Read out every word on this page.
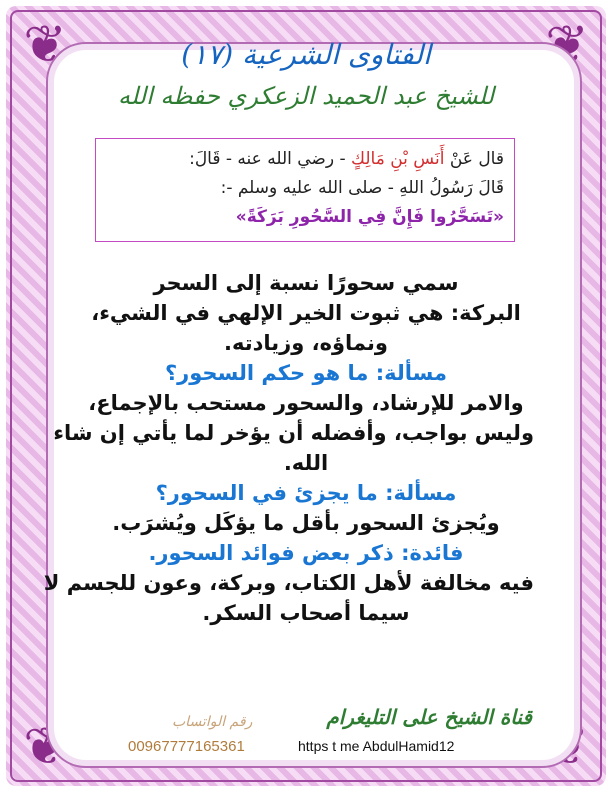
❦	❦
❦	❦
الفتاوى الشرعية (١٧)
للشيخ عبد الحميد الزعكري حفظه الله
قال عَنْ أَنَسِ بْنِ مَالِكٍ - رضي الله عنه - قَالَ:
قَالَ رَسُولُ اللهِ - صلى الله عليه وسلم -:
«تَسَحَّرُوا فَإِنَّ فِي السَّحُورِ بَرَكَةً»
سمي سحورًا نسبة إلى السحر
البركة: هي ثبوت الخير الإلهي في الشيء،
ونماؤه، وزيادته.
مسألة: ما هو حكم السحور؟
والامر للإرشاد، والسحور مستحب بالإجماع،
وليس بواجب، وأفضله أن يؤخر لما يأتي إن شاء
الله.
مسألة: ما يجزئ في السحور؟
ويُجزئ السحور بأقل ما يؤكَل ويُشرَب.
فائدة: ذكر بعض فوائد السحور.
فيه مخالفة لأهل الكتاب، وبركة، وعون للجسم لا
سيما أصحاب السكر.
قناة الشيخ على التليغرام
https t me AbdulHamid12
رقم الواتساب
00967777165361
